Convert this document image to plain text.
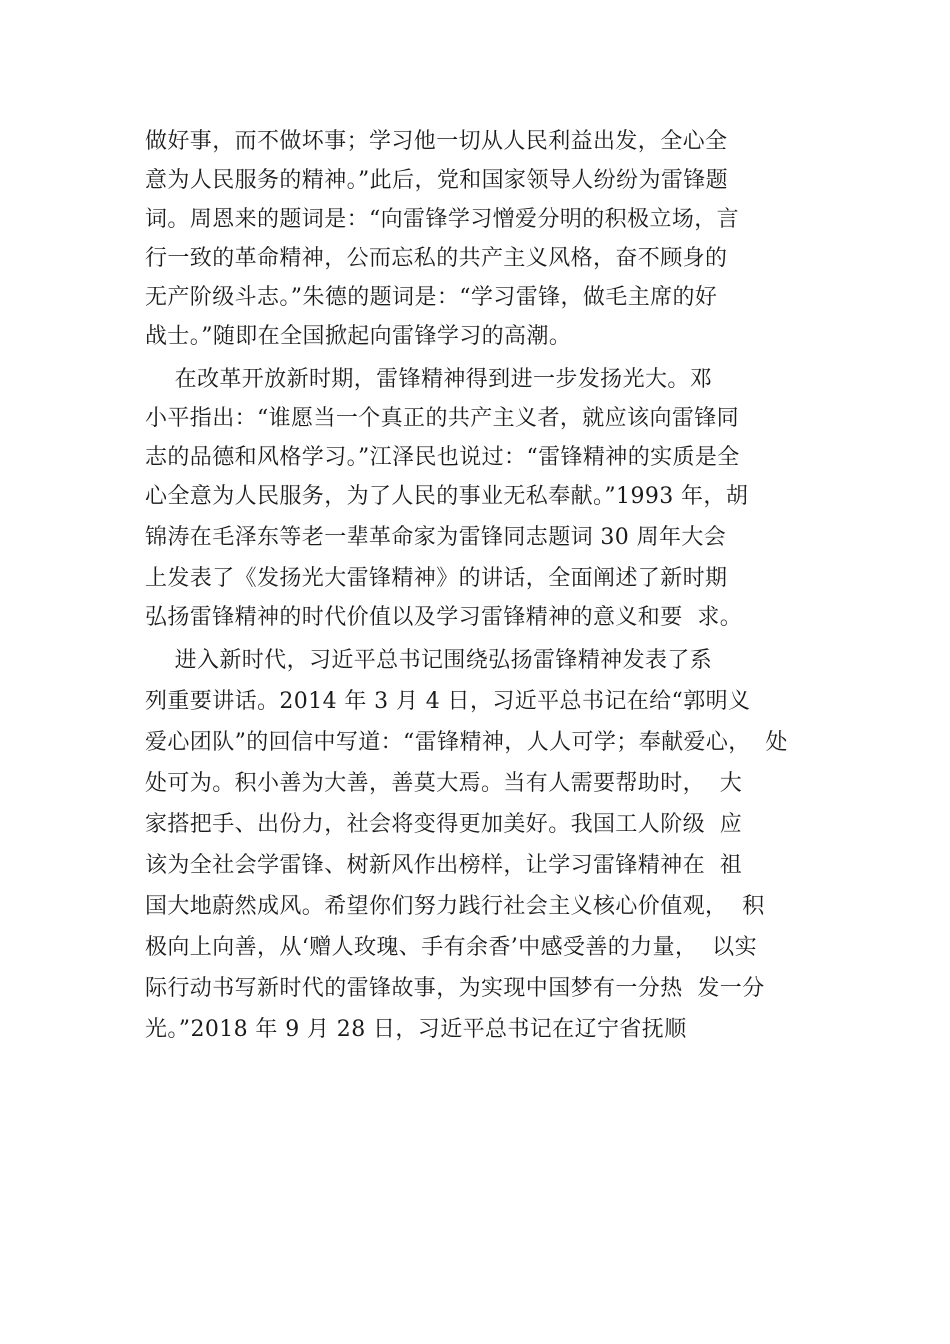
做好事，而不做坏事；学习他一切从人民利益出发，全心全
意为人民服务的精神。”此后，党和国家领导人纷纷为雷锋题
词。周恩来的题词是：“向雷锋学习憎爱分明的积极立场，言
行一致的革命精神，公而忘私的共产主义风格，奋不顾身的
无产阶级斗志。”朱德的题词是：“学习雷锋，做毛主席的好
战士。”随即在全国掀起向雷锋学习的高潮。
在改革开放新时期，雷锋精神得到进一步发扬光大。邓
小平指出：“谁愿当一个真正的共产主义者，就应该向雷锋同
志的品德和风格学习。”江泽民也说过：“雷锋精神的实质是全
心全意为人民服务，为了人民的事业无私奉献。”1993 年，胡
锦涛在毛泽东等老一辈革命家为雷锋同志题词 30 周年大会
上发表了《发扬光大雷锋精神》的讲话，全面阐述了新时期
弘扬雷锋精神的时代价值以及学习雷锋精神的意义和要  求。
进入新时代，习近平总书记围绕弘扬雷锋精神发表了系
列重要讲话。2014 年 3 月 4 日，习近平总书记在给“郭明义
爱心团队”的回信中写道：“雷锋精神，人人可学；奉献爱心，  处
处可为。积小善为大善，善莫大焉。当有人需要帮助时，  大
家搭把手、出份力，社会将变得更加美好。我国工人阶级  应
该为全社会学雷锋、树新风作出榜样，让学习雷锋精神在  祖
国大地蔚然成风。希望你们努力践行社会主义核心价值观，  积
极向上向善，从‘赠人玫瑰、手有余香’中感受善的力量，  以实
际行动书写新时代的雷锋故事，为实现中国梦有一分热  发一分
光。”2018 年 9 月 28 日，习近平总书记在辽宁省抚顺
